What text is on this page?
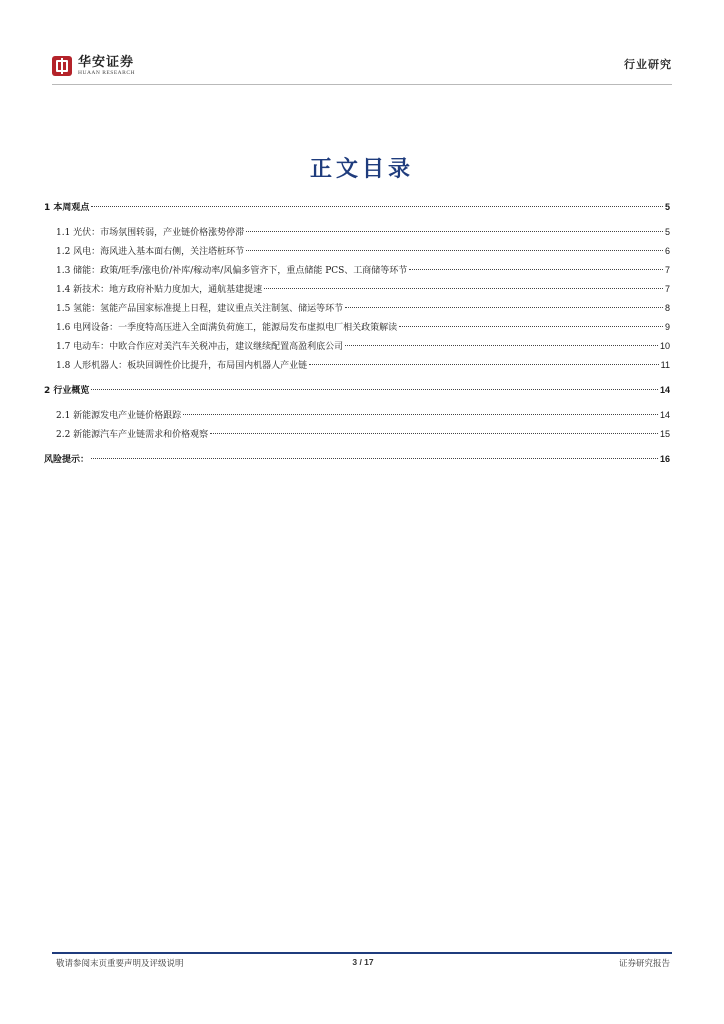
华安证券
HUAAN RESEARCH
行业研究
正文目录
1 本周观点	5
1.1 光伏：市场氛围转弱，产业链价格涨势停滞	5
1.2 风电：海风进入基本面右侧，关注塔桩环节	6
1.3 储能：政策/旺季/涨电价/补库/稼动率/风偏多管齐下，重点储能 PCS、工商储等环节	7
1.4 新技术：地方政府补贴力度加大，通航基建提速	7
1.5 氢能：氢能产品国家标准提上日程，建议重点关注制氢、储运等环节	8
1.6 电网设备：一季度特高压进入全面满负荷施工，能源局发布虚拟电厂相关政策解读	9
1.7 电动车：中欧合作应对美汽车关税冲击，建议继续配置高盈利底公司	10
1.8 人形机器人：板块回调性价比提升，布局国内机器人产业链	11
2 行业概览	14
2.1 新能源发电产业链价格跟踪	14
2.2 新能源汽车产业链需求和价格观察	15
风险提示：	16
敬请参阅末页重要声明及评级说明	3 / 17	证券研究报告
